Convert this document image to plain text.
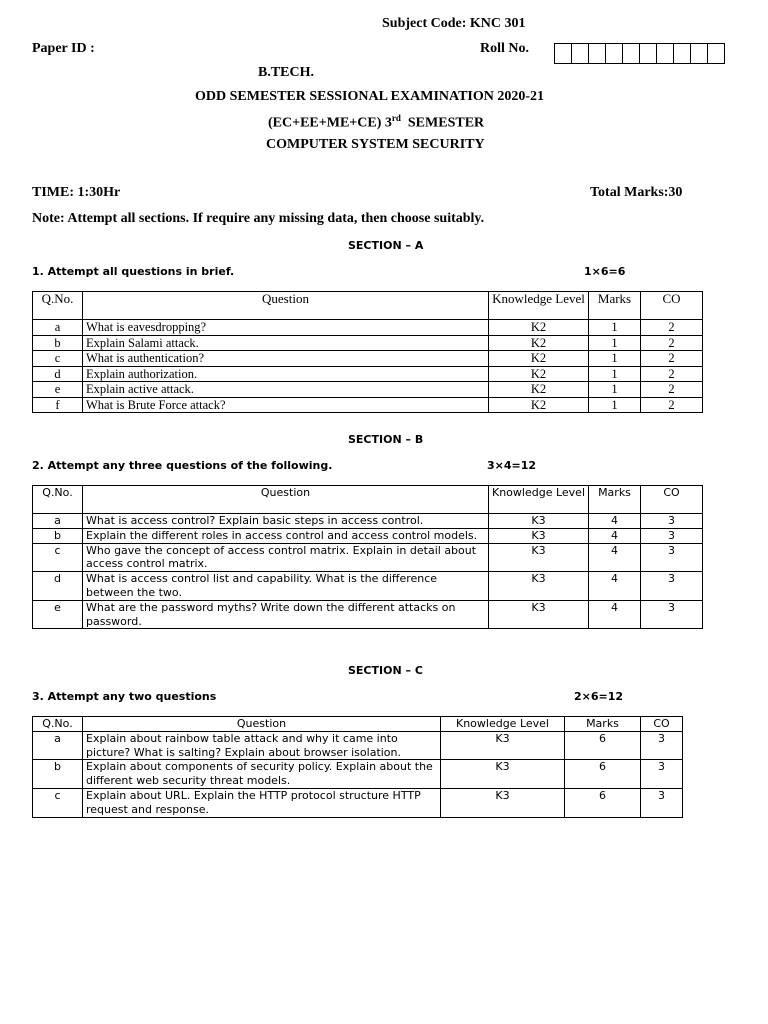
Subject Code: KNC 301
Paper ID :	Roll No.
B.TECH.
ODD SEMESTER SESSIONAL EXAMINATION 2020-21
(EC+EE+ME+CE) 3rd SEMESTER
COMPUTER SYSTEM SECURITY
TIME: 1:30Hr	Total Marks:30
Note: Attempt all sections. If require any missing data, then choose suitably.
SECTION – A
1. Attempt all questions in brief.	1×6=6
Q.No.	Question	Knowledge Level	Marks	CO
a	What is eavesdropping?	K2	1	2
b	Explain Salami attack.	K2	1	2
c	What is authentication?	K2	1	2
d	Explain authorization.	K2	1	2
e	Explain active attack.	K2	1	2
f	What is Brute Force attack?	K2	1	2
SECTION – B
2. Attempt any three questions of the following.	3×4=12
Q.No.	Question	Knowledge Level	Marks	CO
a	What is access control? Explain basic steps in access control.	K3	4	3
b	Explain the different roles in access control and access control models.	K3	4	3
c	Who gave the concept of access control matrix. Explain in detail about access control matrix.	K3	4	3
d	What is access control list and capability. What is the difference between the two.	K3	4	3
e	What are the password myths? Write down the different attacks on password.	K3	4	3
SECTION – C
3. Attempt any two questions	2×6=12
Q.No.	Question	Knowledge Level	Marks	CO
a	Explain about rainbow table attack and why it came into picture? What is salting? Explain about browser isolation.	K3	6	3
b	Explain about components of security policy. Explain about the different web security threat models.	K3	6	3
c	Explain about URL. Explain the HTTP protocol structure HTTP request and response.	K3	6	3
